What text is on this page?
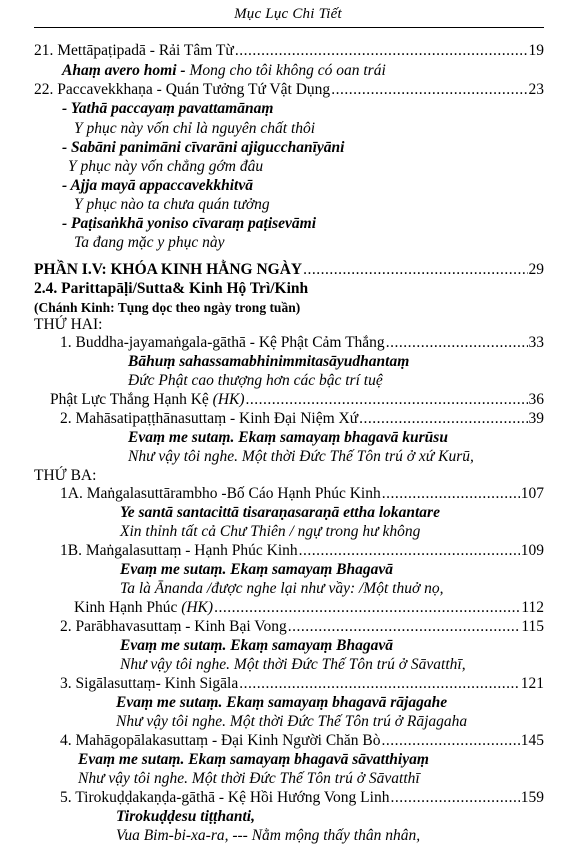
Mục Lục Chi Tiết
21. Mettāpaṭipadā - Rải Tâm Từ .....	19
Ahaṃ avero homi - Mong cho tôi không có oan trái
22. Paccavekkhaṇa - Quán Tưởng Tứ Vật Dụng .....	23
- Yathā paccayaṃ pavattamānaṃ
Y phục này vốn chỉ là nguyên chất thôi
- Sabāni panimāni cīvarāni ajigucchanīyāni
Y phục này vốn chẳng gớm đâu
- Ajja mayā appaccavekkhitvā
Y phục nào ta chưa quán tưởng
- Paṭisaṅkhā yoniso cīvaraṃ paṭisevāmi
Ta đang mặc y phục này
PHẦN I.V: KHÓA KINH HẰNG NGÀY .....	29
2.4. Parittapāḷi/Sutta& Kinh Hộ Trì/Kinh
(Chánh Kinh: Tụng dọc theo ngày trong tuần)
THỨ HAI:
1. Buddha-jayamaṅgala-gāthā - Kệ Phật Cảm Thắng .....	33
Bāhuṃ sahassamabhinimmitasāyudhantaṃ
Đức Phật cao thượng hơn các bậc trí tuệ
Phật Lực Thắng Hạnh Kệ (HK) .....	36
2. Mahāsatipaṭṭhānasuttaṃ - Kinh Đại Niệm Xứ .....	39
Evaṃ me sutaṃ. Ekaṃ samayaṃ bhagavā kurūsu
Như vậy tôi nghe. Một thời Đức Thế Tôn trú ở xứ Kurū,
THỨ BA:
1A. Maṅgalasuttārambho -Bố Cáo Hạnh Phúc Kinh .....	107
Ye santā santacittā tisaraṇasaraṇā ettha lokantare
Xin thỉnh tất cả Chư Thiên / ngự trong hư không
1B. Maṅgalasuttaṃ - Hạnh Phúc Kinh .....	109
Evaṃ me sutaṃ. Ekaṃ samayaṃ Bhagavā
Ta là Ānanda /được nghe lại như vầy: /Một thuở nọ,
Kinh Hạnh Phúc (HK) .....	112
2. Parābhavasuttaṃ - Kinh Bại Vong .....	115
Evaṃ me sutaṃ. Ekaṃ samayaṃ Bhagavā
Như vậy tôi nghe. Một thời Đức Thế Tôn trú ở Sāvatthī,
3. Sigālasuttaṃ- Kinh Sigāla .....	121
Evaṃ me sutaṃ. Ekaṃ samayaṃ bhagavā rājagahe
Như vậy tôi nghe. Một thời Đức Thế Tôn trú ở Rājagaha
4. Mahāgopālakasuttaṃ - Đại Kinh Người Chăn Bò .....	145
Evaṃ me sutaṃ. Ekaṃ samayaṃ bhagavā sāvatthiyaṃ
Như vậy tôi nghe. Một thời Đức Thế Tôn trú ở Sāvatthī
5. Tirokuḍḍakaṇḍa-gāthā - Kệ Hồi Hướng Vong Linh .....	159
Tirokuḍḍesu tiṭṭhanti,
Vua Bim-bi-xa-ra, --- Nằm mộng thấy thân nhân,
